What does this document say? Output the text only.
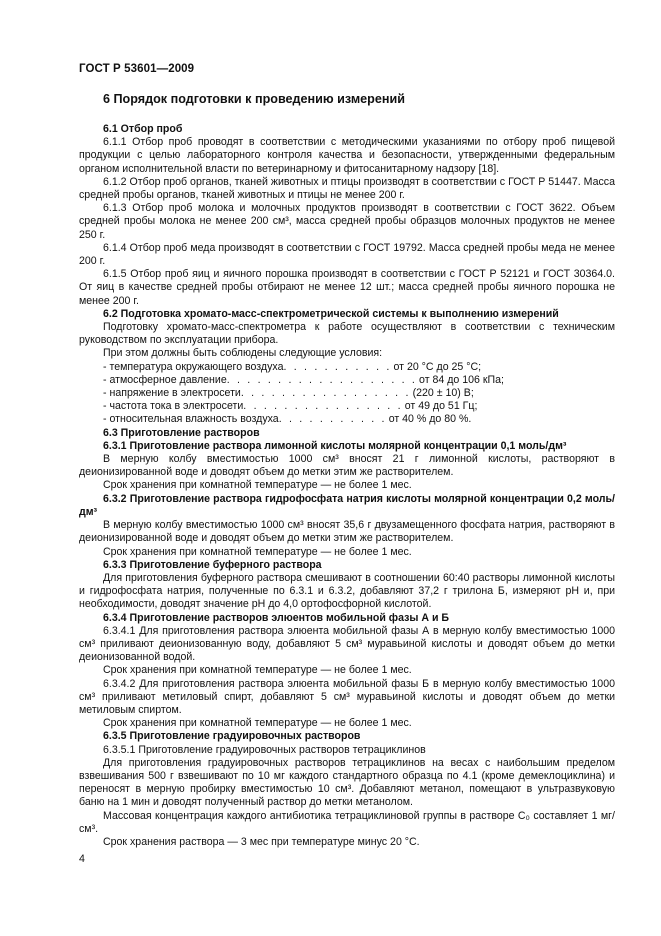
ГОСТ Р 53601—2009
6 Порядок подготовки к проведению измерений

6.1 Отбор проб

6.1.1 Отбор проб проводят в соответствии с методическими указаниями по отбору проб пищевой продукции с целью лабораторного контроля качества и безопасности, утвержденными федеральным органом исполнительной власти по ветеринарному и фитосанитарному надзору [18].

6.1.2 Отбор проб органов, тканей животных и птицы производят в соответствии с ГОСТ Р 51447. Масса средней пробы органов, тканей животных и птицы не менее 200 г.

6.1.3 Отбор проб молока и молочных продуктов производят в соответствии с ГОСТ 3622. Объем средней пробы молока не менее 200 см³, масса средней пробы образцов молочных продуктов не менее 250 г.

6.1.4 Отбор проб меда производят в соответствии с ГОСТ 19792. Масса средней пробы меда не менее 200 г.

6.1.5 Отбор проб яиц и яичного порошка производят в соответствии с ГОСТ Р 52121 и ГОСТ 30364.0. От яиц в качестве средней пробы отбирают не менее 12 шт.; масса средней пробы яичного порошка не менее 200 г.

6.2 Подготовка хромато-масс-спектрометрической системы к выполнению измерений

Подготовку хромато-масс-спектрометра к работе осуществляют в соответствии с техническим руководством по эксплуатации прибора.

При этом должны быть соблюдены следующие условия:

- температура окружающего воздуха . . . . . . . . . . . от 20 °С до 25 °С;
- атмосферное давление . . . . . . . . . . . . . . . . . . . от 84 до 106 кПа;
- напряжение в электросети . . . . . . . . . . . . . . . . . (220 ± 10) В;
- частота тока в электросети . . . . . . . . . . . . . . . . от 49 до 51 Гц;
- относительная влажность воздуха . . . . . . . . . . . от 40 % до 80 %.

6.3 Приготовление растворов

6.3.1 Приготовление раствора лимонной кислоты молярной концентрации 0,1 моль/дм³

В мерную колбу вместимостью 1000 см³ вносят 21 г лимонной кислоты, растворяют в деионизированной воде и доводят объем до метки этим же растворителем.

Срок хранения при комнатной температуре — не более 1 мес.

6.3.2 Приготовление раствора гидрофосфата натрия кислоты молярной концентрации 0,2 моль/дм³

В мерную колбу вместимостью 1000 см³ вносят 35,6 г двузамещенного фосфата натрия, растворяют в деионизированной воде и доводят объем до метки этим же растворителем.

Срок хранения при комнатной температуре — не более 1 мес.

6.3.3 Приготовление буферного раствора

Для приготовления буферного раствора смешивают в соотношении 60:40 растворы лимонной кислоты и гидрофосфата натрия, полученные по 6.3.1 и 6.3.2, добавляют 37,2 г трилона Б, измеряют pH и, при необходимости, доводят значение pH до 4,0 ортофосфорной кислотой.

6.3.4 Приготовление растворов элюентов мобильной фазы А и Б

6.3.4.1 Для приготовления раствора элюента мобильной фазы А в мерную колбу вместимостью 1000 см³ приливают деионизованную воду, добавляют 5 см³ муравьиной кислоты и доводят объем до метки деионизованной водой.

Срок хранения при комнатной температуре — не более 1 мес.

6.3.4.2 Для приготовления раствора элюента мобильной фазы Б в мерную колбу вместимостью 1000 см³ приливают метиловый спирт, добавляют 5 см³ муравьиной кислоты и доводят объем до метки метиловым спиртом.

Срок хранения при комнатной температуре — не более 1 мес.

6.3.5 Приготовление градуировочных растворов

6.3.5.1 Приготовление градуировочных растворов тетрациклинов

Для приготовления градуировочных растворов тетрациклинов на весах с наибольшим пределом взвешивания 500 г взвешивают по 10 мг каждого стандартного образца по 4.1 (кроме демеклоциклина) и переносят в мерную пробирку вместимостью 10 см³. Добавляют метанол, помещают в ультразвуковую баню на 1 мин и доводят полученный раствор до метки метанолом.

Массовая концентрация каждого антибиотика тетрациклиновой группы в растворе C₀ составляет 1 мг/см³.

Срок хранения раствора — 3 мес при температуре минус 20 °С.

4
